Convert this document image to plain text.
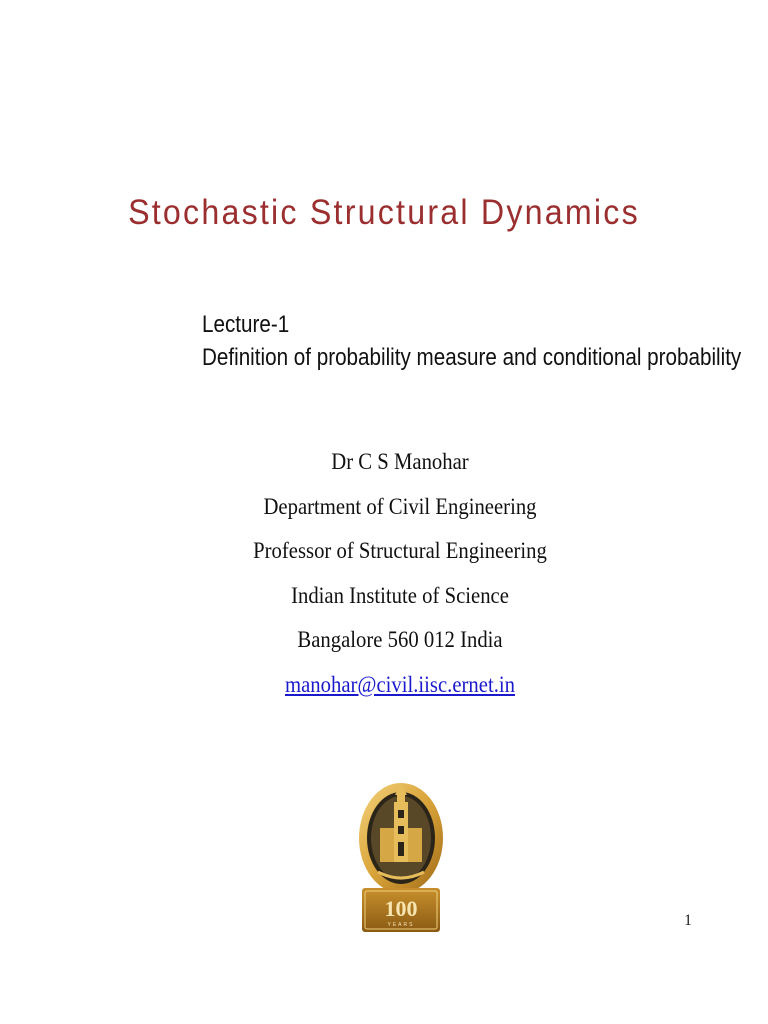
Stochastic Structural Dynamics
Lecture-1
Definition of probability measure and conditional probability
Dr C S Manohar
Department of Civil Engineering
Professor of Structural Engineering
Indian Institute of Science
Bangalore 560 012 India
manohar@civil.iisc.ernet.in
100
YEARS	1
